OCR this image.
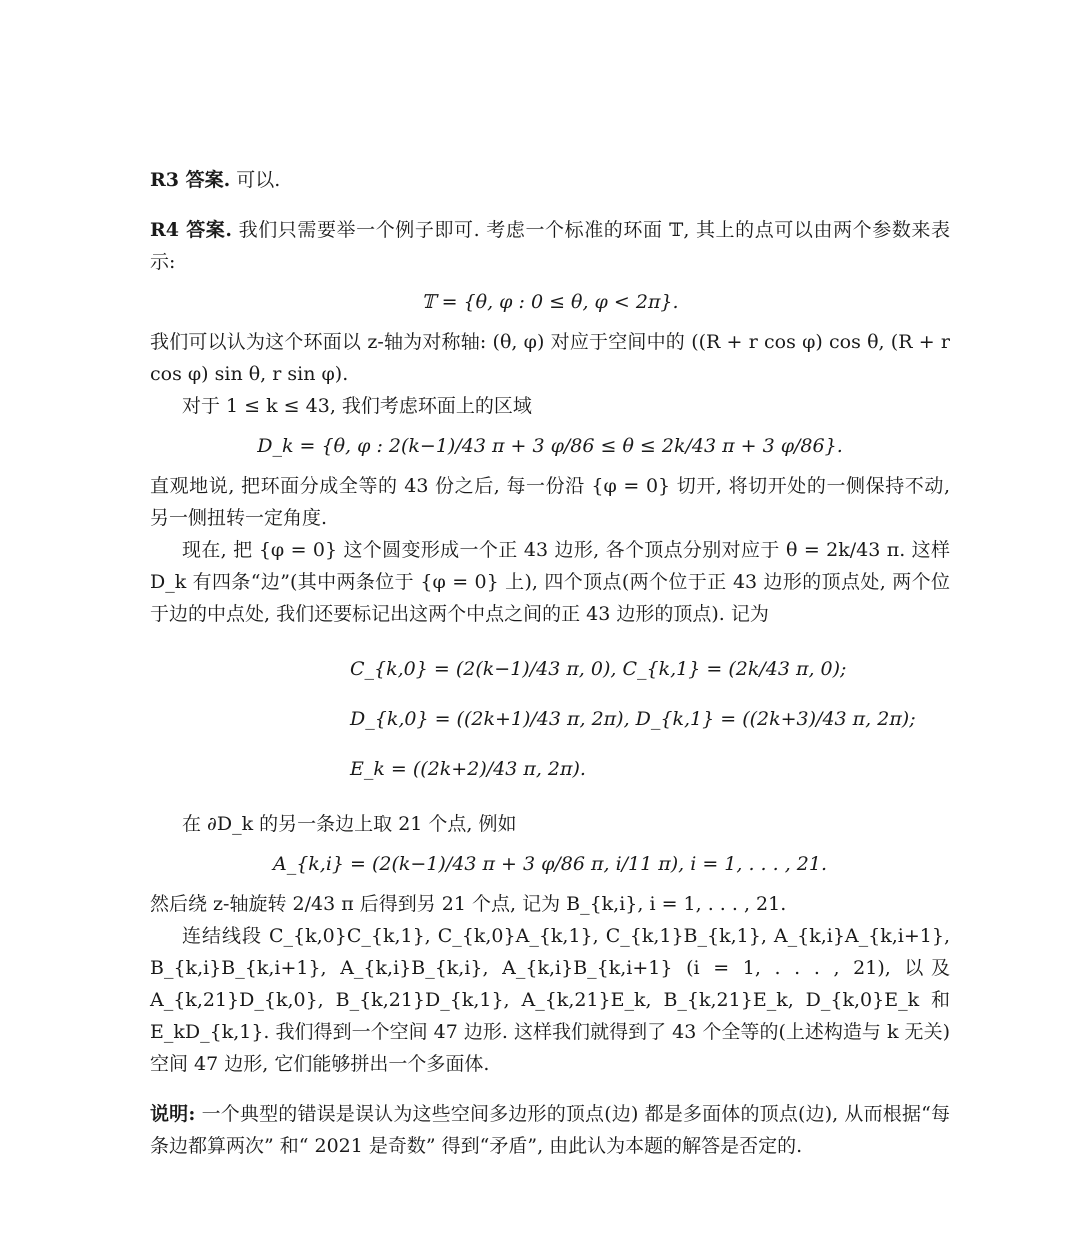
R3 答案. 可以.

R4 答案. 我们只需要举一个例子即可. 考虑一个标准的环面 𝕋, 其上的点可以由两个参数来表示:

𝕋 = {θ, φ : 0 ≤ θ, φ < 2π}.

我们可以认为这个环面以 z-轴为对称轴: (θ, φ) 对应于空间中的 ((R + r cos φ) cos θ, (R + r cos φ) sin θ, r sin φ).

对于 1 ≤ k ≤ 43, 我们考虑环面上的区域

D_k = {θ, φ : 2(k−1)/43 π + 3 φ/86 ≤ θ ≤ 2k/43 π + 3 φ/86}.

直观地说, 把环面分成全等的 43 份之后, 每一份沿 {φ = 0} 切开, 将切开处的一侧保持不动, 另一侧扭转一定角度.

现在, 把 {φ = 0} 这个圆变形成一个正 43 边形, 各个顶点分别对应于 θ = 2k/43 π. 这样 D_k 有四条“边”(其中两条位于 {φ = 0} 上), 四个顶点(两个位于正 43 边形的顶点处, 两个位于边的中点处, 我们还要标记出这两个中点之间的正 43 边形的顶点). 记为

C_{k,0} = (2(k−1)/43 π, 0), C_{k,1} = (2k/43 π, 0);
D_{k,0} = ((2k+1)/43 π, 2π), D_{k,1} = ((2k+3)/43 π, 2π);
E_k = ((2k+2)/43 π, 2π).

在 ∂D_k 的另一条边上取 21 个点, 例如

A_{k,i} = (2(k−1)/43 π + 3 φ/86 π, i/11 π), i = 1, . . . , 21.

然后绕 z-轴旋转 2/43 π 后得到另 21 个点, 记为 B_{k,i}, i = 1, . . . , 21.

连结线段 C_{k,0}C_{k,1}, C_{k,0}A_{k,1}, C_{k,1}B_{k,1}, A_{k,i}A_{k,i+1}, B_{k,i}B_{k,i+1}, A_{k,i}B_{k,i}, A_{k,i}B_{k,i+1} (i = 1, . . . , 21), 以及 A_{k,21}D_{k,0}, B_{k,21}D_{k,1}, A_{k,21}E_k, B_{k,21}E_k, D_{k,0}E_k 和 E_kD_{k,1}. 我们得到一个空间 47 边形. 这样我们就得到了 43 个全等的(上述构造与 k 无关) 空间 47 边形, 它们能够拼出一个多面体.

说明: 一个典型的错误是误认为这些空间多边形的顶点(边) 都是多面体的顶点(边), 从而根据“每条边都算两次” 和“ 2021 是奇数” 得到“矛盾”, 由此认为本题的解答是否定的.
